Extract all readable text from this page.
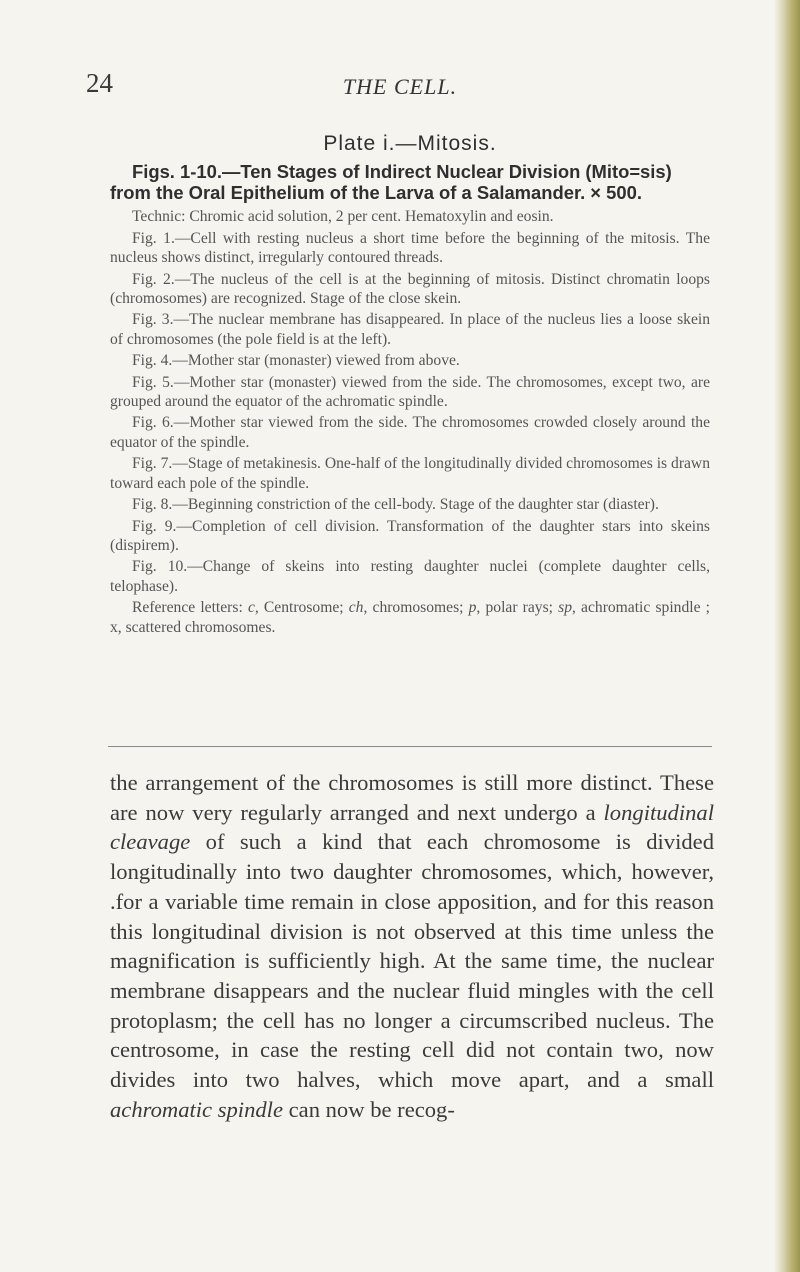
24	THE CELL.
Plate i.—Mitosis.
Figs. 1-10.—Ten Stages of Indirect Nuclear Division (Mito=sis) from the Oral Epithelium of the Larva of a Salamander. × 500.

Technic: Chromic acid solution, 2 per cent. Hematoxylin and eosin.

Fig. 1.—Cell with resting nucleus a short time before the beginning of the mitosis. The nucleus shows distinct, irregularly contoured threads.

Fig. 2.—The nucleus of the cell is at the beginning of mitosis. Distinct chromatin loops (chromosomes) are recognized. Stage of the close skein.

Fig. 3.—The nuclear membrane has disappeared. In place of the nucleus lies a loose skein of chromosomes (the pole field is at the left).

Fig. 4.—Mother star (monaster) viewed from above.

Fig. 5.—Mother star (monaster) viewed from the side. The chromosomes, except two, are grouped around the equator of the achromatic spindle.

Fig. 6.—Mother star viewed from the side. The chromosomes crowded closely around the equator of the spindle.

Fig. 7.—Stage of metakinesis. One-half of the longitudinally divided chromosomes is drawn toward each pole of the spindle.

Fig. 8.—Beginning constriction of the cell-body. Stage of the daughter star (diaster).

Fig. 9.—Completion of cell division. Transformation of the daughter stars into skeins (dispirem).

Fig. 10.—Change of skeins into resting daughter nuclei (complete daughter cells, telophase).

Reference letters: c, Centrosome; ch, chromosomes; p, polar rays; sp, achromatic spindle ; x, scattered chromosomes.

the arrangement of the chromosomes is still more distinct. These are now very regularly arranged and next undergo a longitudinal cleavage of such a kind that each chromosome is divided longitudinally into two daughter chromosomes, which, however, .for a variable time remain in close apposition, and for this reason this longitudinal division is not observed at this time unless the magnification is sufficiently high. At the same time, the nuclear membrane disappears and the nuclear fluid mingles with the cell protoplasm; the cell has no longer a circumscribed nucleus. The centrosome, in case the resting cell did not contain two, now divides into two halves, which move apart, and a small achromatic spindle can now be recog-
